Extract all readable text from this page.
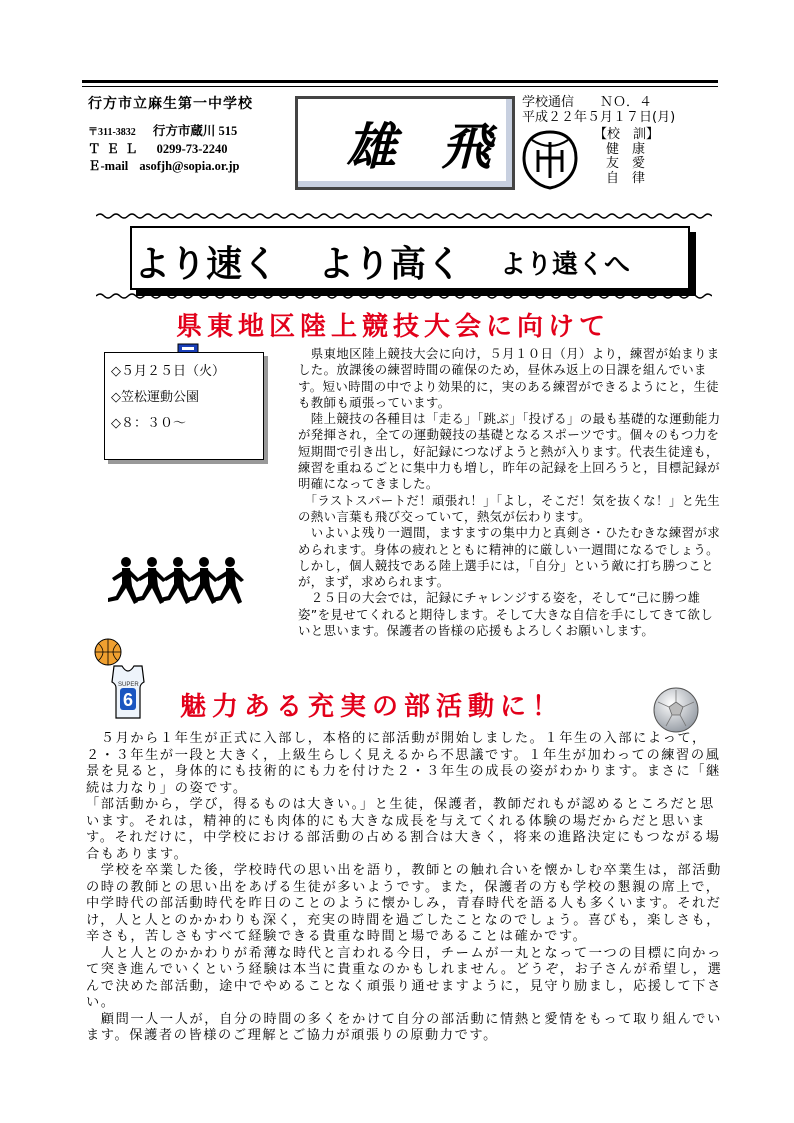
行方市立麻生第一中学校
〒311-3832 行方市蔵川 515
ＴＥＬ 0299-73-2240
Ｅ-mail asofjh@sopia.or.jp 雄 飛
学校通信　　ＮＯ．４
平成２２年５月１７日(月)
【校　訓】
健　康
友　愛
自　律
より速く より高く より遠くへ
県東地区陸上競技大会に向けて
◇５月２５日（火）
◇笠松運動公園
◇８：３０～

　県東地区陸上競技大会に向け，５月１０日（月）より，練習が始まりました。放課後の練習時間の確保のため，昼休み返上の日課を組んでいます。短い時間の中でより効果的に，実のある練習ができるようにと，生徒も教師も頑張っています。

　陸上競技の各種目は「走る」「跳ぶ」「投げる」の最も基礎的な運動能力が発揮され，全ての運動競技の基礎となるスポーツです。個々のもつ力を短期間で引き出し，好記録につなげようと熱が入ります。代表生徒達も，練習を重ねるごとに集中力も増し，昨年の記録を上回ろうと，目標記録が明確になってきました。

　「ラストスパートだ！頑張れ！」「よし，そこだ！気を抜くな！」と先生の熱い言葉も飛び交っていて，熱気が伝わります。

　いよいよ残り一週間，ますますの集中力と真剣さ・ひたむきな練習が求められます。身体の疲れとともに精神的に厳しい一週間になるでしょう。しかし，個人競技である陸上選手には，「自分」という敵に打ち勝つことが，まず，求められます。

　２５日の大会では，記録にチャレンジする姿を，そして“己に勝つ雄姿”を見せてくれると期待します。そして大きな自信を手にしてきて欲しいと思います。保護者の皆様の応援もよろしくお願いします。

SUPER
6 魅力ある充実の部活動に！

　５月から１年生が正式に入部し，本格的に部活動が開始しました。１年生の入部によって，２・３年生が一段と大きく，上級生らしく見えるから不思議です。１年生が加わっての練習の風景を見ると，身体的にも技術的にも力を付けた２・３年生の成長の姿がわかります。まさに「継続は力なり」の姿です。

「部活動から，学び，得るものは大きい。」と生徒，保護者，教師だれもが認めるところだと思います。それは，精神的にも肉体的にも大きな成長を与えてくれる体験の場だからだと思います。それだけに，中学校における部活動の占める割合は大きく，将来の進路決定にもつながる場合もあります。

　学校を卒業した後，学校時代の思い出を語り，教師との触れ合いを懐かしむ卒業生は，部活動の時の教師との思い出をあげる生徒が多いようです。また，保護者の方も学校の懇親の席上で，中学時代の部活動時代を昨日のことのように懐かしみ，青春時代を語る人も多くいます。それだけ，人と人とのかかわりも深く，充実の時間を過ごしたことなのでしょう。喜びも，楽しさも，辛さも，苦しさもすべて経験できる貴重な時間と場であることは確かです。

　人と人とのかかわりが希薄な時代と言われる今日，チームが一丸となって一つの目標に向かって突き進んでいくという経験は本当に貴重なのかもしれません。どうぞ，お子さんが希望し，選んで決めた部活動，途中でやめることなく頑張り通せますように，見守り励まし，応援して下さい。

　顧問一人一人が，自分の時間の多くをかけて自分の部活動に情熱と愛情をもって取り組んでいます。保護者の皆様のご理解とご協力が頑張りの原動力です。
